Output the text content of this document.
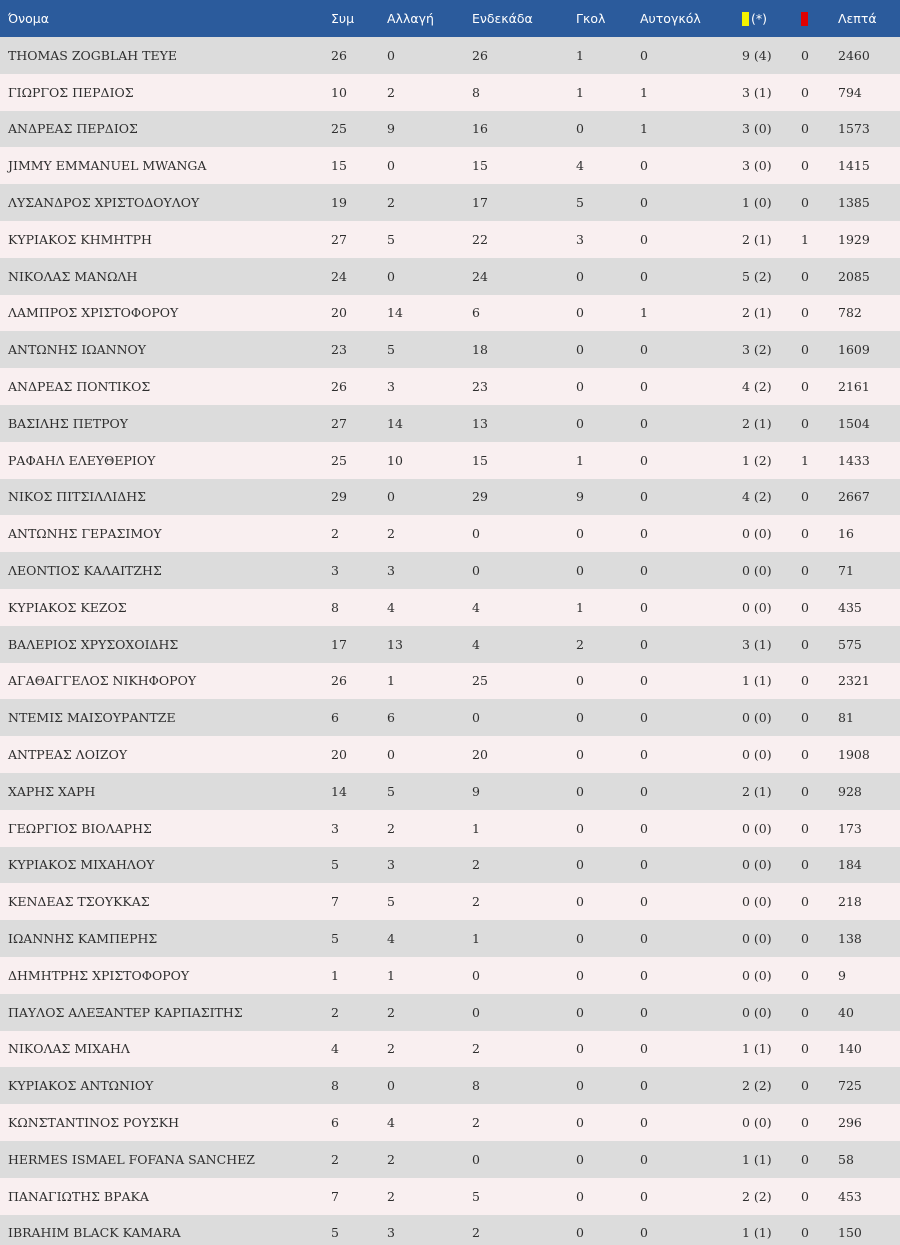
Όνομα	Συμ	Αλλαγή	Ενδεκάδα	Γκολ	Αυτογκόλ	(*)		Λεπτά
THOMAS ZOGBLAH TEYE	26	0	26	1	0	9 (4)	0	2460
ΓΙΩΡΓΟΣ ΠΕΡΔΙΟΣ	10	2	8	1	1	3 (1)	0	794
ΑΝΔΡΕΑΣ ΠΕΡΔΙΟΣ	25	9	16	0	1	3 (0)	0	1573
JIMMY EMMANUEL MWANGA	15	0	15	4	0	3 (0)	0	1415
ΛΥΣΑΝΔΡΟΣ ΧΡΙΣΤΟΔΟΥΛΟΥ	19	2	17	5	0	1 (0)	0	1385
ΚΥΡΙΑΚΟΣ ΚΗΜΗΤΡΗ	27	5	22	3	0	2 (1)	1	1929
ΝΙΚΟΛΑΣ ΜΑΝΩΛΗ	24	0	24	0	0	5 (2)	0	2085
ΛΑΜΠΡΟΣ ΧΡΙΣΤΟΦΟΡΟΥ	20	14	6	0	1	2 (1)	0	782
ΑΝΤΩΝΗΣ ΙΩΑΝΝΟΥ	23	5	18	0	0	3 (2)	0	1609
ΑΝΔΡΕΑΣ ΠΟΝΤΙΚΟΣ	26	3	23	0	0	4 (2)	0	2161
ΒΑΣΙΛΗΣ ΠΕΤΡΟΥ	27	14	13	0	0	2 (1)	0	1504
ΡΑΦΑΗΛ ΕΛΕΥΘΕΡΙΟΥ	25	10	15	1	0	1 (2)	1	1433
ΝΙΚΟΣ ΠΙΤΣΙΛΛΙΔΗΣ	29	0	29	9	0	4 (2)	0	2667
ΑΝΤΩΝΗΣ ΓΕΡΑΣΙΜΟΥ	2	2	0	0	0	0 (0)	0	16
ΛΕΟΝΤΙΟΣ ΚΑΛΑΙΤΖΗΣ	3	3	0	0	0	0 (0)	0	71
ΚΥΡΙΑΚΟΣ ΚΕΖΟΣ	8	4	4	1	0	0 (0)	0	435
ΒΑΛΕΡΙΟΣ ΧΡΥΣΟΧΟΙΔΗΣ	17	13	4	2	0	3 (1)	0	575
ΑΓΑΘΑΓΓΕΛΟΣ ΝΙΚΗΦΟΡΟΥ	26	1	25	0	0	1 (1)	0	2321
ΝΤΕΜΙΣ ΜΑΙΣΟΥΡΑΝΤΖΕ	6	6	0	0	0	0 (0)	0	81
ΑΝΤΡΕΑΣ ΛΟΙΖΟΥ	20	0	20	0	0	0 (0)	0	1908
ΧΑΡΗΣ ΧΑΡΗ	14	5	9	0	0	2 (1)	0	928
ΓΕΩΡΓΙΟΣ ΒΙΟΛΑΡΗΣ	3	2	1	0	0	0 (0)	0	173
ΚΥΡΙΑΚΟΣ ΜΙΧΑΗΛΟΥ	5	3	2	0	0	0 (0)	0	184
ΚΕΝΔΕΑΣ ΤΣΟΥΚΚΑΣ	7	5	2	0	0	0 (0)	0	218
ΙΩΑΝΝΗΣ ΚΑΜΠΕΡΗΣ	5	4	1	0	0	0 (0)	0	138
ΔΗΜΗΤΡΗΣ ΧΡΙΣΤΟΦΟΡΟΥ	1	1	0	0	0	0 (0)	0	9
ΠΑΥΛΟΣ ΑΛΕΞΑΝΤΕΡ ΚΑΡΠΑΣΙΤΗΣ	2	2	0	0	0	0 (0)	0	40
ΝΙΚΟΛΑΣ ΜΙΧΑΗΛ	4	2	2	0	0	1 (1)	0	140
ΚΥΡΙΑΚΟΣ ΑΝΤΩΝΙΟΥ	8	0	8	0	0	2 (2)	0	725
ΚΩΝΣΤΑΝΤΙΝΟΣ ΡΟΥΣΚΗ	6	4	2	0	0	0 (0)	0	296
HERMES ISMAEL FOFANA SANCHEZ	2	2	0	0	0	1 (1)	0	58
ΠΑΝΑΓΙΩΤΗΣ ΒΡΑΚΑ	7	2	5	0	0	2 (2)	0	453
IBRAHIM BLACK KAMARA	5	3	2	0	0	1 (1)	0	150
